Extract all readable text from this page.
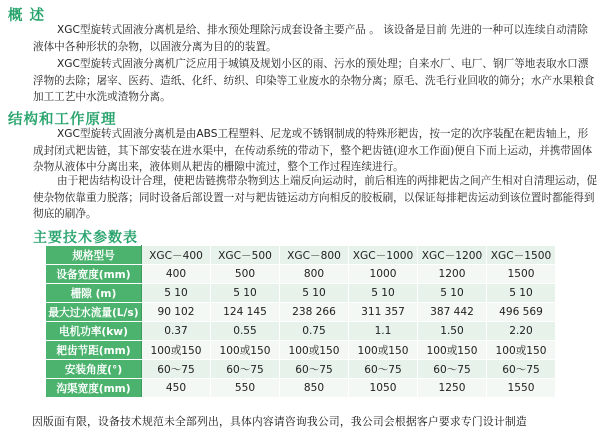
概 述

XGC型旋转式固液分离机是给、排水预处理除污成套设备主要产品 。 该设备是目前 先进的一种可以连续自动清除液体中各种形状的杂物，以固液分离为目的的装置。

XGC型旋转式固液分离机广泛应用于城镇及规划小区的雨、污水的预处理；自来水厂、电厂、钢厂等地表取水口漂浮物的去除；屠宰、医药、造纸、化纤、纺织、印染等工业废水的杂物分离；原毛、洗毛行业回收的筛分；水产水果粮食加工工艺中水洗或渣物分离。

结构和工作原理

XGC型旋转式固液分离机是由ABS工程塑料、尼龙或不锈钢制成的特殊形耙齿，按一定的次序装配在耙齿轴上，形成封闭式耙齿链，其下部安装在进水渠中，在传动系统的带动下，整个耙齿链(迎水工作面)便自下而上运动，并携带固体杂物从液体中分离出来，液体则从耙齿的栅隙中流过，整个工作过程连续进行。

由于耙齿结构设计合理，使耙齿链携带杂物到达上端反向运动时，前后相连的两排耙齿之间产生相对自清理运动，促使杂物依靠重力脱落；同时设备后部设置一对与耙齿链运动方向相反的胶板刷，以保证每排耙齿运动到该位置时都能得到彻底的刷净。

主要技术参数表
规格型号	XGC－400	XGC－500	XGC－800	XGC－1000	XGC－1200	XGC－1500
设备宽度(mm)	400	500	800	1000	1200	1500
栅隙 (m)	5 10	5 10	5 10	5 10	5 10	5 10
最大过水流量(L/s)	90 102	124 145	238 266	311 357	387 442	496 569
电机功率(kw)	0.37	0.55	0.75	1.1	1.50	2.20
耙齿节距(mm)	100或150	100或150	100或150	100或150	100或150	100或150
安装角度(°)	60～75	60～75	60～75	60～75	60～75	60～75
沟渠宽度(mm)	450	550	850	1050	1250	1550
因版面有限，设备技术规范未全部列出，具体内容请咨询我公司，我公司会根据客户要求专门设计制造
